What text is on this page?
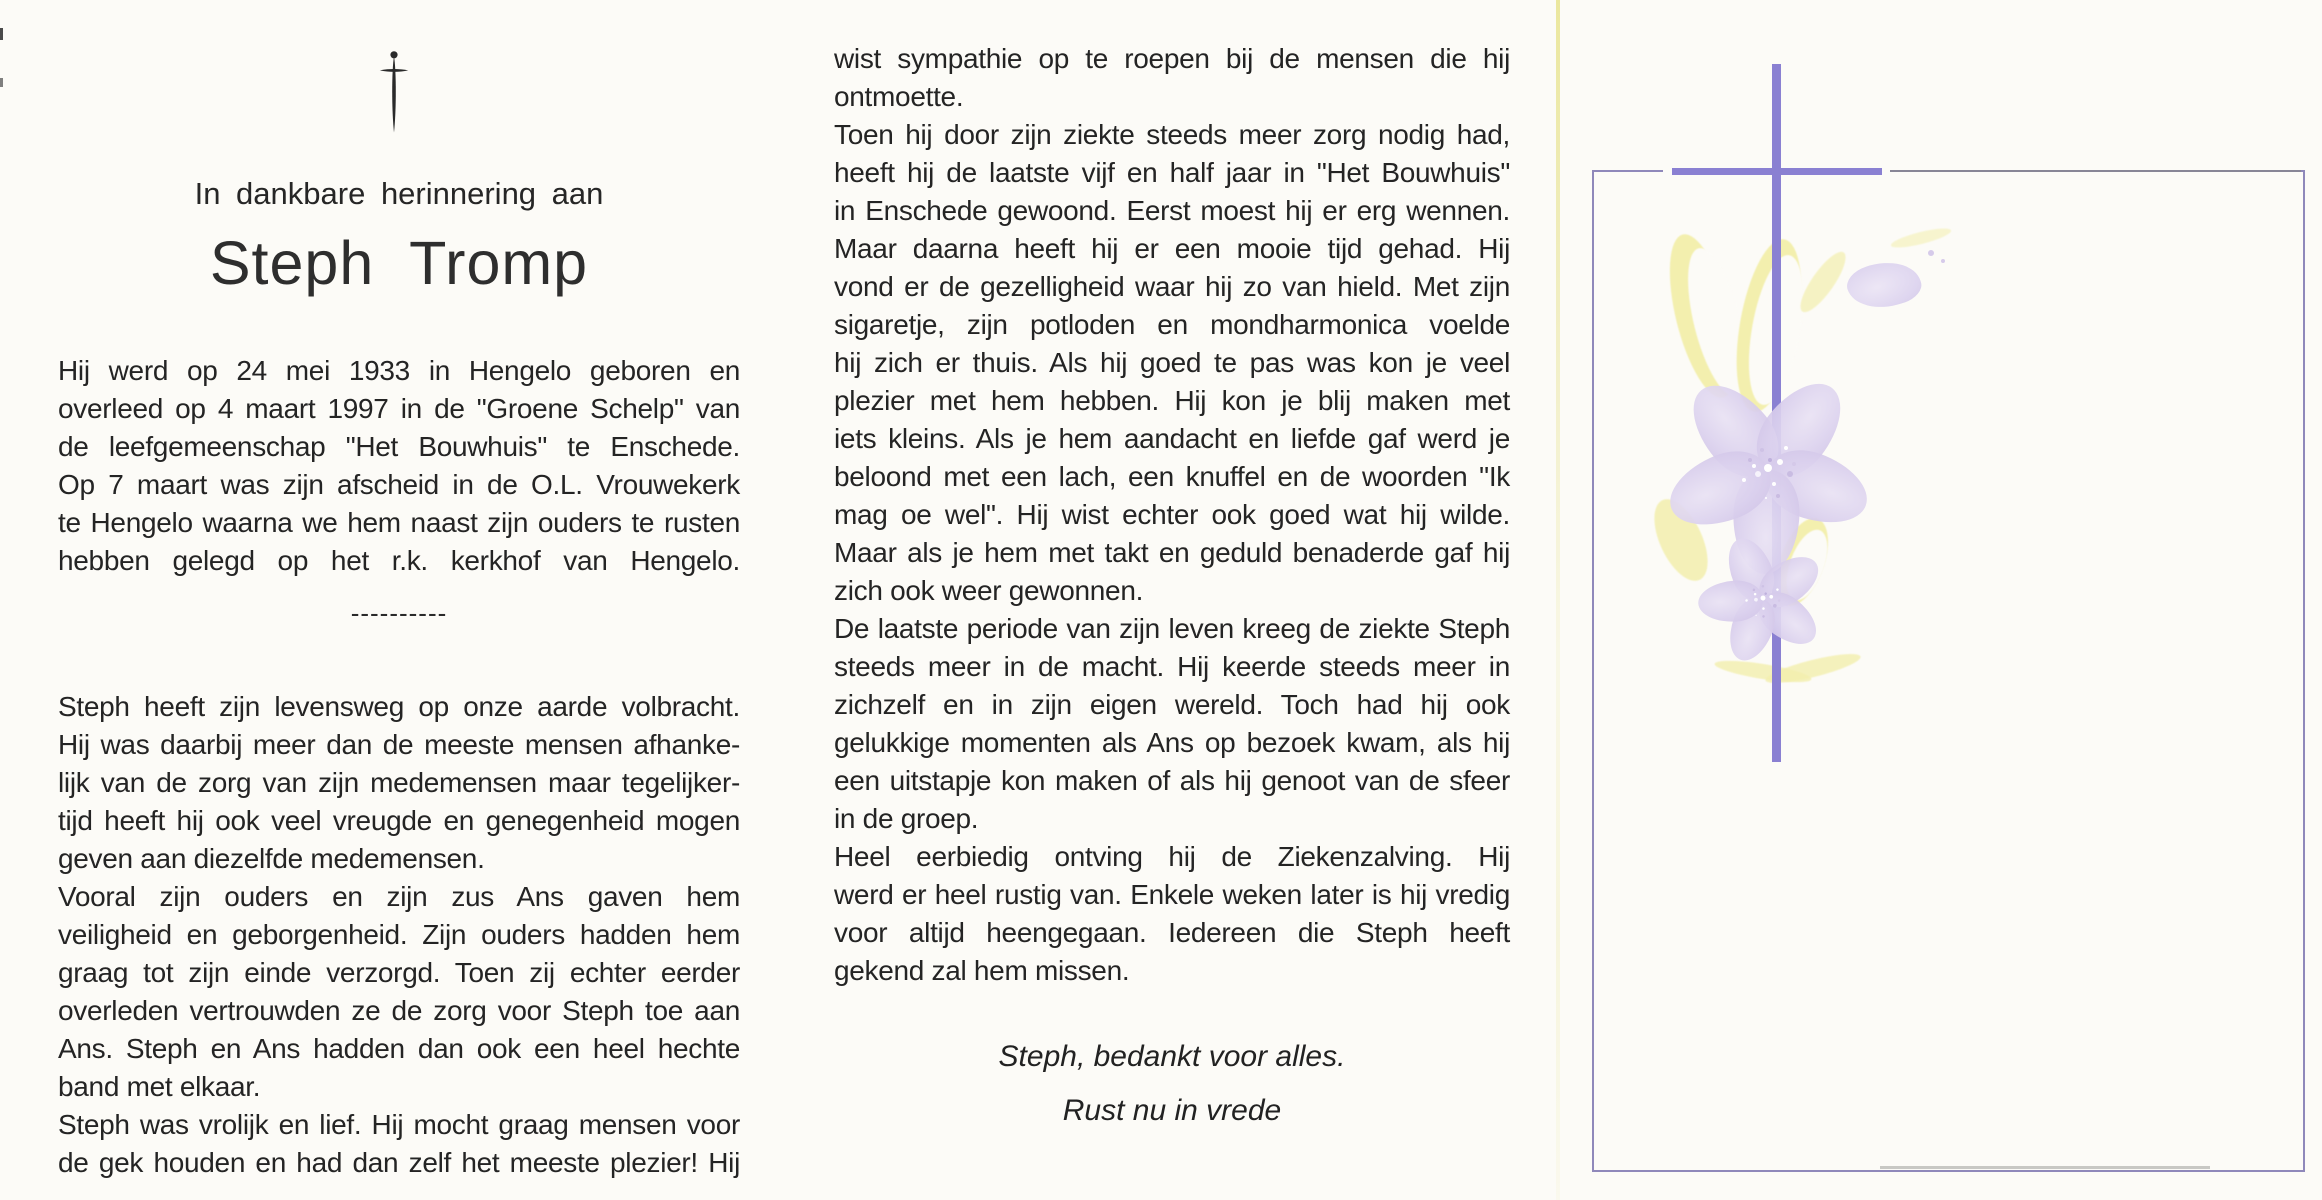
In dankbare herinnering aan
Steph Tromp
Hij werd op 24 mei 1933 in Hengelo geboren en
overleed op 4 maart 1997 in de "Groene Schelp" van
de leefgemeenschap "Het Bouwhuis" te Enschede.
Op 7 maart was zijn afscheid in de O.L. Vrouwekerk
te Hengelo waarna we hem naast zijn ouders te rusten
hebben gelegd op het r.k. kerkhof van Hengelo.
----------
Steph heeft zijn levensweg op onze aarde volbracht.
Hij was daarbij meer dan de meeste mensen afhanke-
lijk van de zorg van zijn medemensen maar tegelijker-
tijd heeft hij ook veel vreugde en genegenheid mogen
geven aan diezelfde medemensen.
Vooral zijn ouders en zijn zus Ans gaven hem
veiligheid en geborgenheid. Zijn ouders hadden hem
graag tot zijn einde verzorgd. Toen zij echter eerder
overleden vertrouwden ze de zorg voor Steph toe aan
Ans. Steph en Ans hadden dan ook een heel hechte
band met elkaar.
Steph was vrolijk en lief. Hij mocht graag mensen voor
de gek houden en had dan zelf het meeste plezier! Hij
wist sympathie op te roepen bij de mensen die hij
ontmoette.
Toen hij door zijn ziekte steeds meer zorg nodig had,
heeft hij de laatste vijf en half jaar in "Het Bouwhuis"
in Enschede gewoond. Eerst moest hij er erg wennen.
Maar daarna heeft hij er een mooie tijd gehad. Hij
vond er de gezelligheid waar hij zo van hield. Met zijn
sigaretje, zijn potloden en mondharmonica voelde
hij zich er thuis. Als hij goed te pas was kon je veel
plezier met hem hebben. Hij kon je blij maken met
iets kleins. Als je hem aandacht en liefde gaf werd je
beloond met een lach, een knuffel en de woorden "Ik
mag oe wel". Hij wist echter ook goed wat hij wilde.
Maar als je hem met takt en geduld benaderde gaf hij
zich ook weer gewonnen.
De laatste periode van zijn leven kreeg de ziekte Steph
steeds meer in de macht. Hij keerde steeds meer in
zichzelf en in zijn eigen wereld. Toch had hij ook
gelukkige momenten als Ans op bezoek kwam, als hij
een uitstapje kon maken of als hij genoot van de sfeer
in de groep.
Heel eerbiedig ontving hij de Ziekenzalving. Hij
werd er heel rustig van. Enkele weken later is hij vredig
voor altijd heengegaan. Iedereen die Steph heeft
gekend zal hem missen.
Steph, bedankt voor alles.
Rust nu in vrede
